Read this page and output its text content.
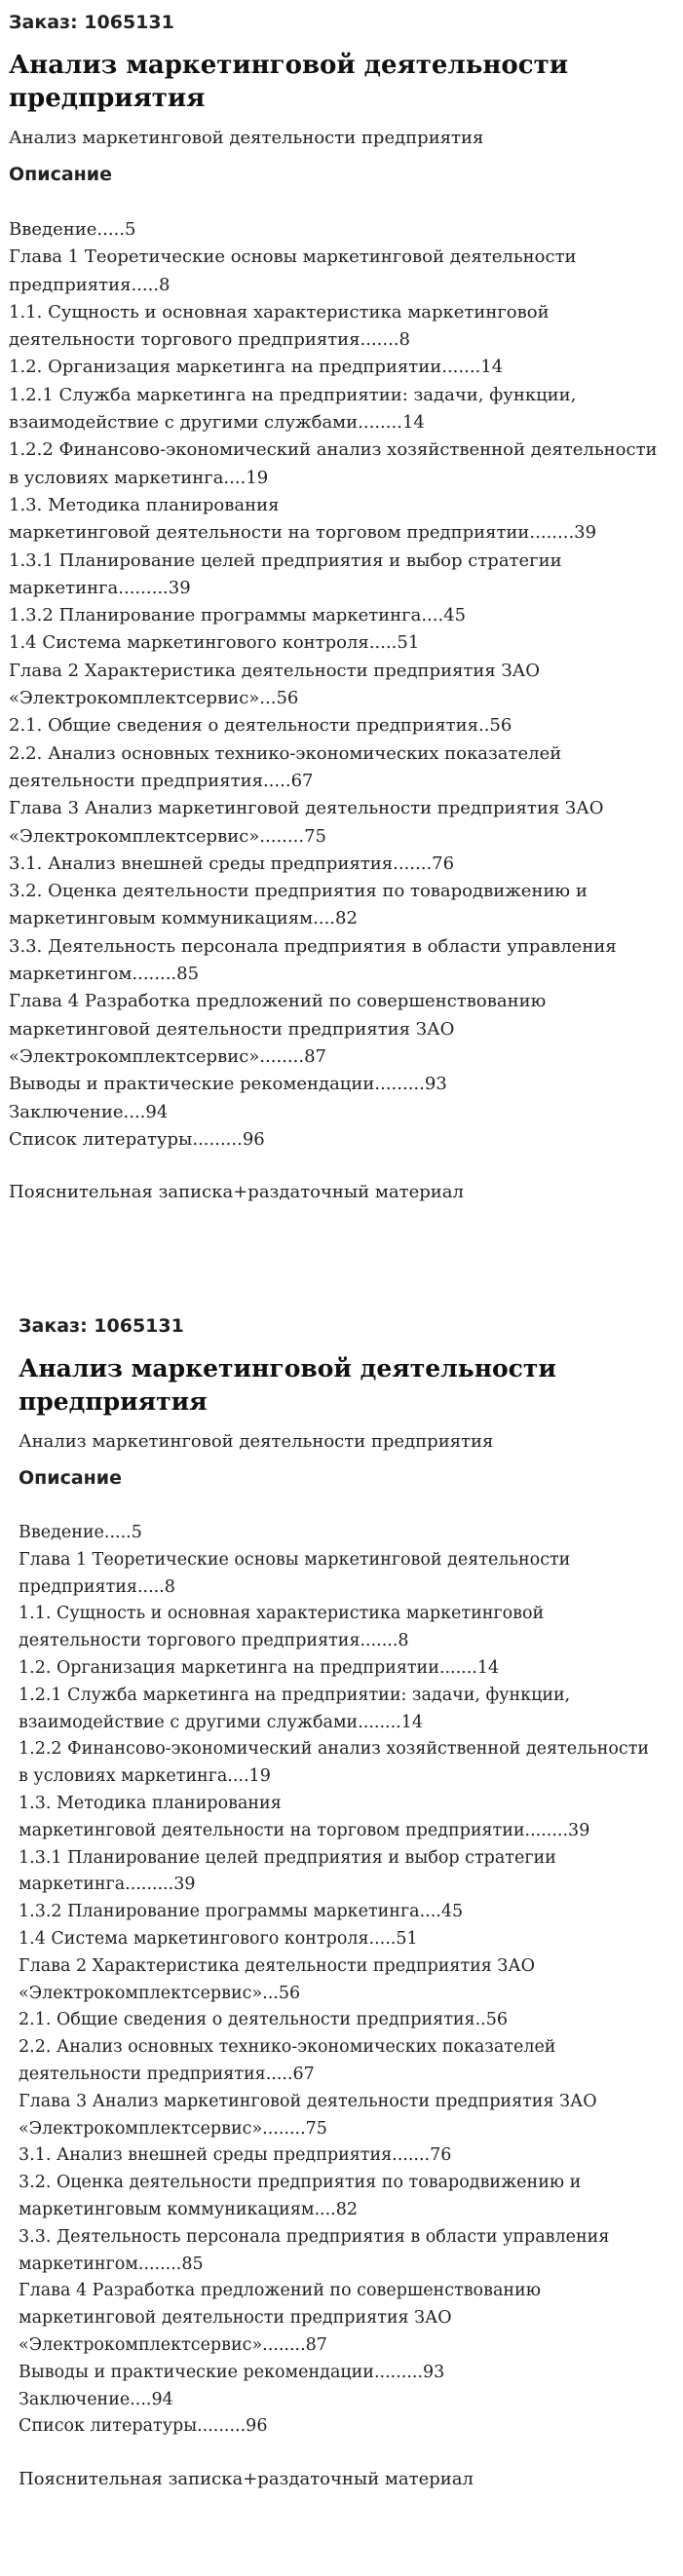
Заказ: 1065131

Анализ маркетинговой деятельности предприятия

Анализ маркетинговой деятельности предприятия

Описание
Введение.....5
Глава 1 Теоретические основы маркетинговой деятельности
предприятия.....8
1.1. Сущность и основная характеристика маркетинговой
деятельности торгового предприятия.......8
1.2. Организация маркетинга на предприятии.......14
1.2.1 Служба маркетинга на предприятии: задачи, функции,
взаимодействие с другими службами........14
1.2.2 Финансово-экономический анализ хозяйственной деятельности
в условиях маркетинга....19
1.3. Методика планирования
маркетинговой деятельности на торговом предприятии........39
1.3.1 Планирование целей предприятия и выбор стратегии
маркетинга.........39
1.3.2 Планирование программы маркетинга....45
1.4 Система маркетингового контроля.....51
Глава 2 Характеристика деятельности предприятия ЗАО
«Электрокомплектсервис»...56
2.1. Общие сведения о деятельности предприятия..56
2.2. Анализ основных технико-экономических показателей
деятельности предприятия.....67
Глава 3 Анализ маркетинговой деятельности предприятия ЗАО
«Электрокомплектсервис»........75
3.1. Анализ внешней среды предприятия.......76
3.2. Оценка деятельности предприятия по товародвижению и
маркетинговым коммуникациям....82
3.3. Деятельность персонала предприятия в области управления
маркетингом........85
Глава 4 Разработка предложений по совершенствованию
маркетинговой деятельности предприятия ЗАО
«Электрокомплектсервис»........87
Выводы и практические рекомендации.........93
Заключение....94
Список литературы.........96

Пояснительная записка+раздаточный материал

Заказ: 1065131

Анализ маркетинговой деятельности предприятия

Анализ маркетинговой деятельности предприятия

Описание
Введение.....5
Глава 1 Теоретические основы маркетинговой деятельности
предприятия.....8
1.1. Сущность и основная характеристика маркетинговой
деятельности торгового предприятия.......8
1.2. Организация маркетинга на предприятии.......14
1.2.1 Служба маркетинга на предприятии: задачи, функции,
взаимодействие с другими службами........14
1.2.2 Финансово-экономический анализ хозяйственной деятельности
в условиях маркетинга....19
1.3. Методика планирования
маркетинговой деятельности на торговом предприятии........39
1.3.1 Планирование целей предприятия и выбор стратегии
маркетинга.........39
1.3.2 Планирование программы маркетинга....45
1.4 Система маркетингового контроля.....51
Глава 2 Характеристика деятельности предприятия ЗАО
«Электрокомплектсервис»...56
2.1. Общие сведения о деятельности предприятия..56
2.2. Анализ основных технико-экономических показателей
деятельности предприятия.....67
Глава 3 Анализ маркетинговой деятельности предприятия ЗАО
«Электрокомплектсервис»........75
3.1. Анализ внешней среды предприятия.......76
3.2. Оценка деятельности предприятия по товародвижению и
маркетинговым коммуникациям....82
3.3. Деятельность персонала предприятия в области управления
маркетингом........85
Глава 4 Разработка предложений по совершенствованию
маркетинговой деятельности предприятия ЗАО
«Электрокомплектсервис»........87
Выводы и практические рекомендации.........93
Заключение....94
Список литературы.........96

Пояснительная записка+раздаточный материал
